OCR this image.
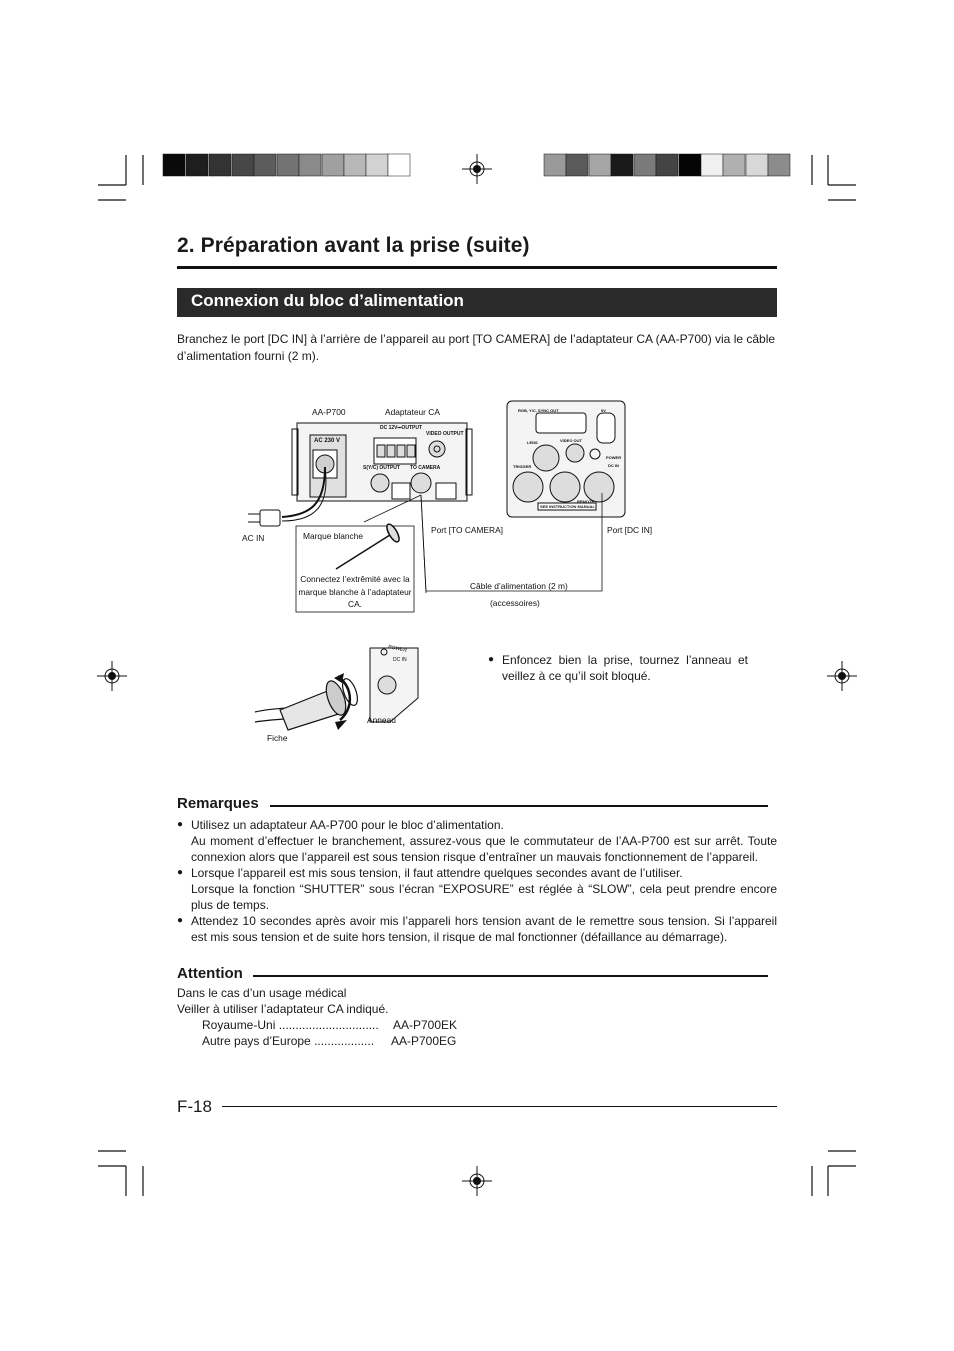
2. Préparation avant la prise (suite)
Connexion du bloc d’alimentation
Branchez le port [DC IN] à l’arrière de l’appareil au port [TO CAMERA] de l’adaptateur CA (AA-P700) via le câble d’alimentation fourni (2 m).
AA-P700	Adaptateur CA
AC 230 V
DC 12V⎓OUTPUT
VIDEO OUTPUT
S(Y/C) OUTPUT TO CAMERA
AC IN	Marque blanche
Connectez l’extrêmité avec la marque blanche à l’adaptateur CA.
Port [TO CAMERA]	Port [DC IN]
Câble d’alimentation (2 m)
(accessoires)
RGB, Y/C, SYNC OUT	9V
LENS	VIDEO OUT
POWER
TRIGGER	DC IN
REMOTE
SEE INSTRUCTION MANUAL
POWER
DC IN
Anneau
Fiche
● Enfoncez bien la prise, tournez l’anneau et veillez à ce qu’il soit bloqué.

Remarques
● Utilisez un adaptateur AA-P700 pour le bloc d’alimentation.

Au moment d’effectuer le branchement, assurez-vous que le commutateur de l’AA-P700 est sur arrêt. Toute connexion alors que l’appareil est sous tension risque d’entraîner un mauvais fonctionnement de l’appareil.

● Lorsque l’appareil est mis sous tension, il faut attendre quelques secondes avant de l’utiliser.

Lorsque la fonction “SHUTTER” sous l’écran “EXPOSURE” est réglée à “SLOW”, cela peut prendre encore plus de temps.

● Attendez 10 secondes après avoir mis l’appareli hors tension avant de le remettre sous tension. Si l’appareil est mis sous tension et de suite hors tension, il risque de mal fonctionner (défaillance au démarrage).

Attention
Dans le cas d’un usage médical
Veiller à utiliser l’adaptateur CA indiqué.
Royaume-Uni ..............................	AA-P700EK
Autre pays d’Europe ..................	AA-P700EG
F-18
